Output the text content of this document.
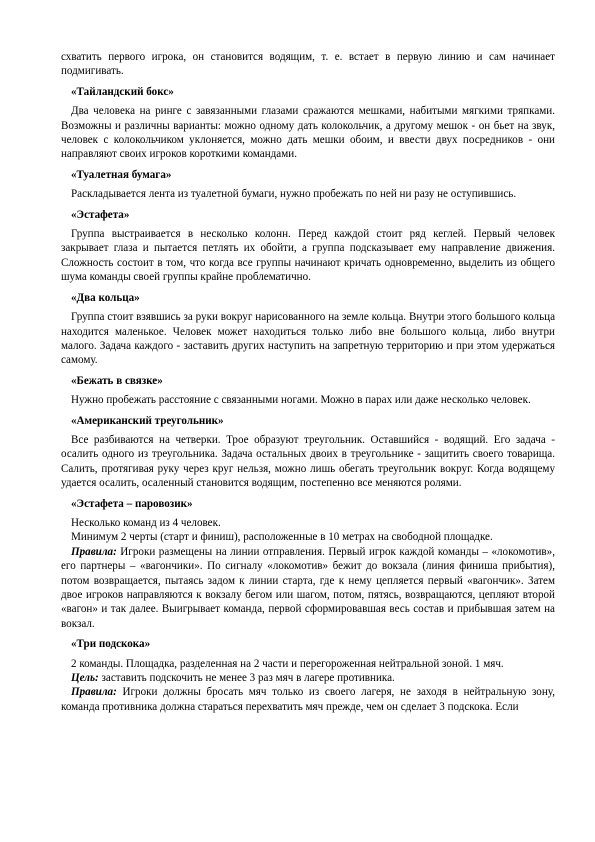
схватить первого игрока, он становится водящим, т. е. встает в первую линию и сам начинает подмигивать.

«Тайландский бокс»

Два человека на ринге с завязанными глазами сражаются мешками, набитыми мягкими тряпками. Возможны и различны варианты: можно одному дать колокольчик, а другому мешок - он бьет на звук, человек с колокольчиком уклоняется, можно дать мешки обоим, и ввести двух посредников - они направляют своих игроков короткими командами.

«Туалетная бумага»

Раскладывается лента из туалетной бумаги, нужно пробежать по ней ни разу не оступившись.

«Эстафета»

Группа выстраивается в несколько колонн. Перед каждой стоит ряд кеглей. Первый человек закрывает глаза и пытается петлять их обойти, а группа подсказывает ему направление движения. Сложность состоит в том, что когда все группы начинают кричать одновременно, выделить из общего шума команды своей группы крайне проблематично.

«Два кольца»

Группа стоит взявшись за руки вокруг нарисованного на земле кольца. Внутри этого большого кольца находится маленькое. Человек может находиться только либо вне большого кольца, либо внутри малого. Задача каждого - заставить других наступить на запретную территорию и при этом удержаться самому.

«Бежать в связке»

Нужно пробежать расстояние с связанными ногами. Можно в парах или даже несколько человек.

«Американский треугольник»

Все разбиваются на четверки. Трое образуют треугольник. Оставшийся - водящий. Его задача - осалить одного из треугольника. Задача остальных двоих в треугольнике - защитить своего товарища. Салить, протягивая руку через круг нельзя, можно лишь обегать треугольник вокруг. Когда водящему удается осалить, осаленный становится водящим, постепенно все меняются ролями.

«Эстафета – паровозик»

Несколько команд из 4 человек.

Минимум 2 черты (старт и финиш), расположенные в 10 метрах на свободной площадке.

Правила: Игроки размещены на линии отправления. Первый игрок каждой команды – «локомотив», его партнеры – «вагончики». По сигналу «локомотив» бежит до вокзала (линия финиша прибытия), потом возвращается, пытаясь задом к линии старта, где к нему цепляется первый «вагончик». Затем двое игроков направляются к вокзалу бегом или шагом, потом, пятясь, возвращаются, цепляют второй «вагон» и так далее. Выигрывает команда, первой сформировавшая весь состав и прибывшая затем на вокзал.

«Три подскока»

2 команды. Площадка, разделенная на 2 части и перегороженная нейтральной зоной. 1 мяч.

Цель: заставить подскочить не менее 3 раз мяч в лагере противника.

Правила: Игроки должны бросать мяч только из своего лагеря, не заходя в нейтральную зону, команда противника должна стараться перехватить мяч прежде, чем он сделает 3 подскока. Если
